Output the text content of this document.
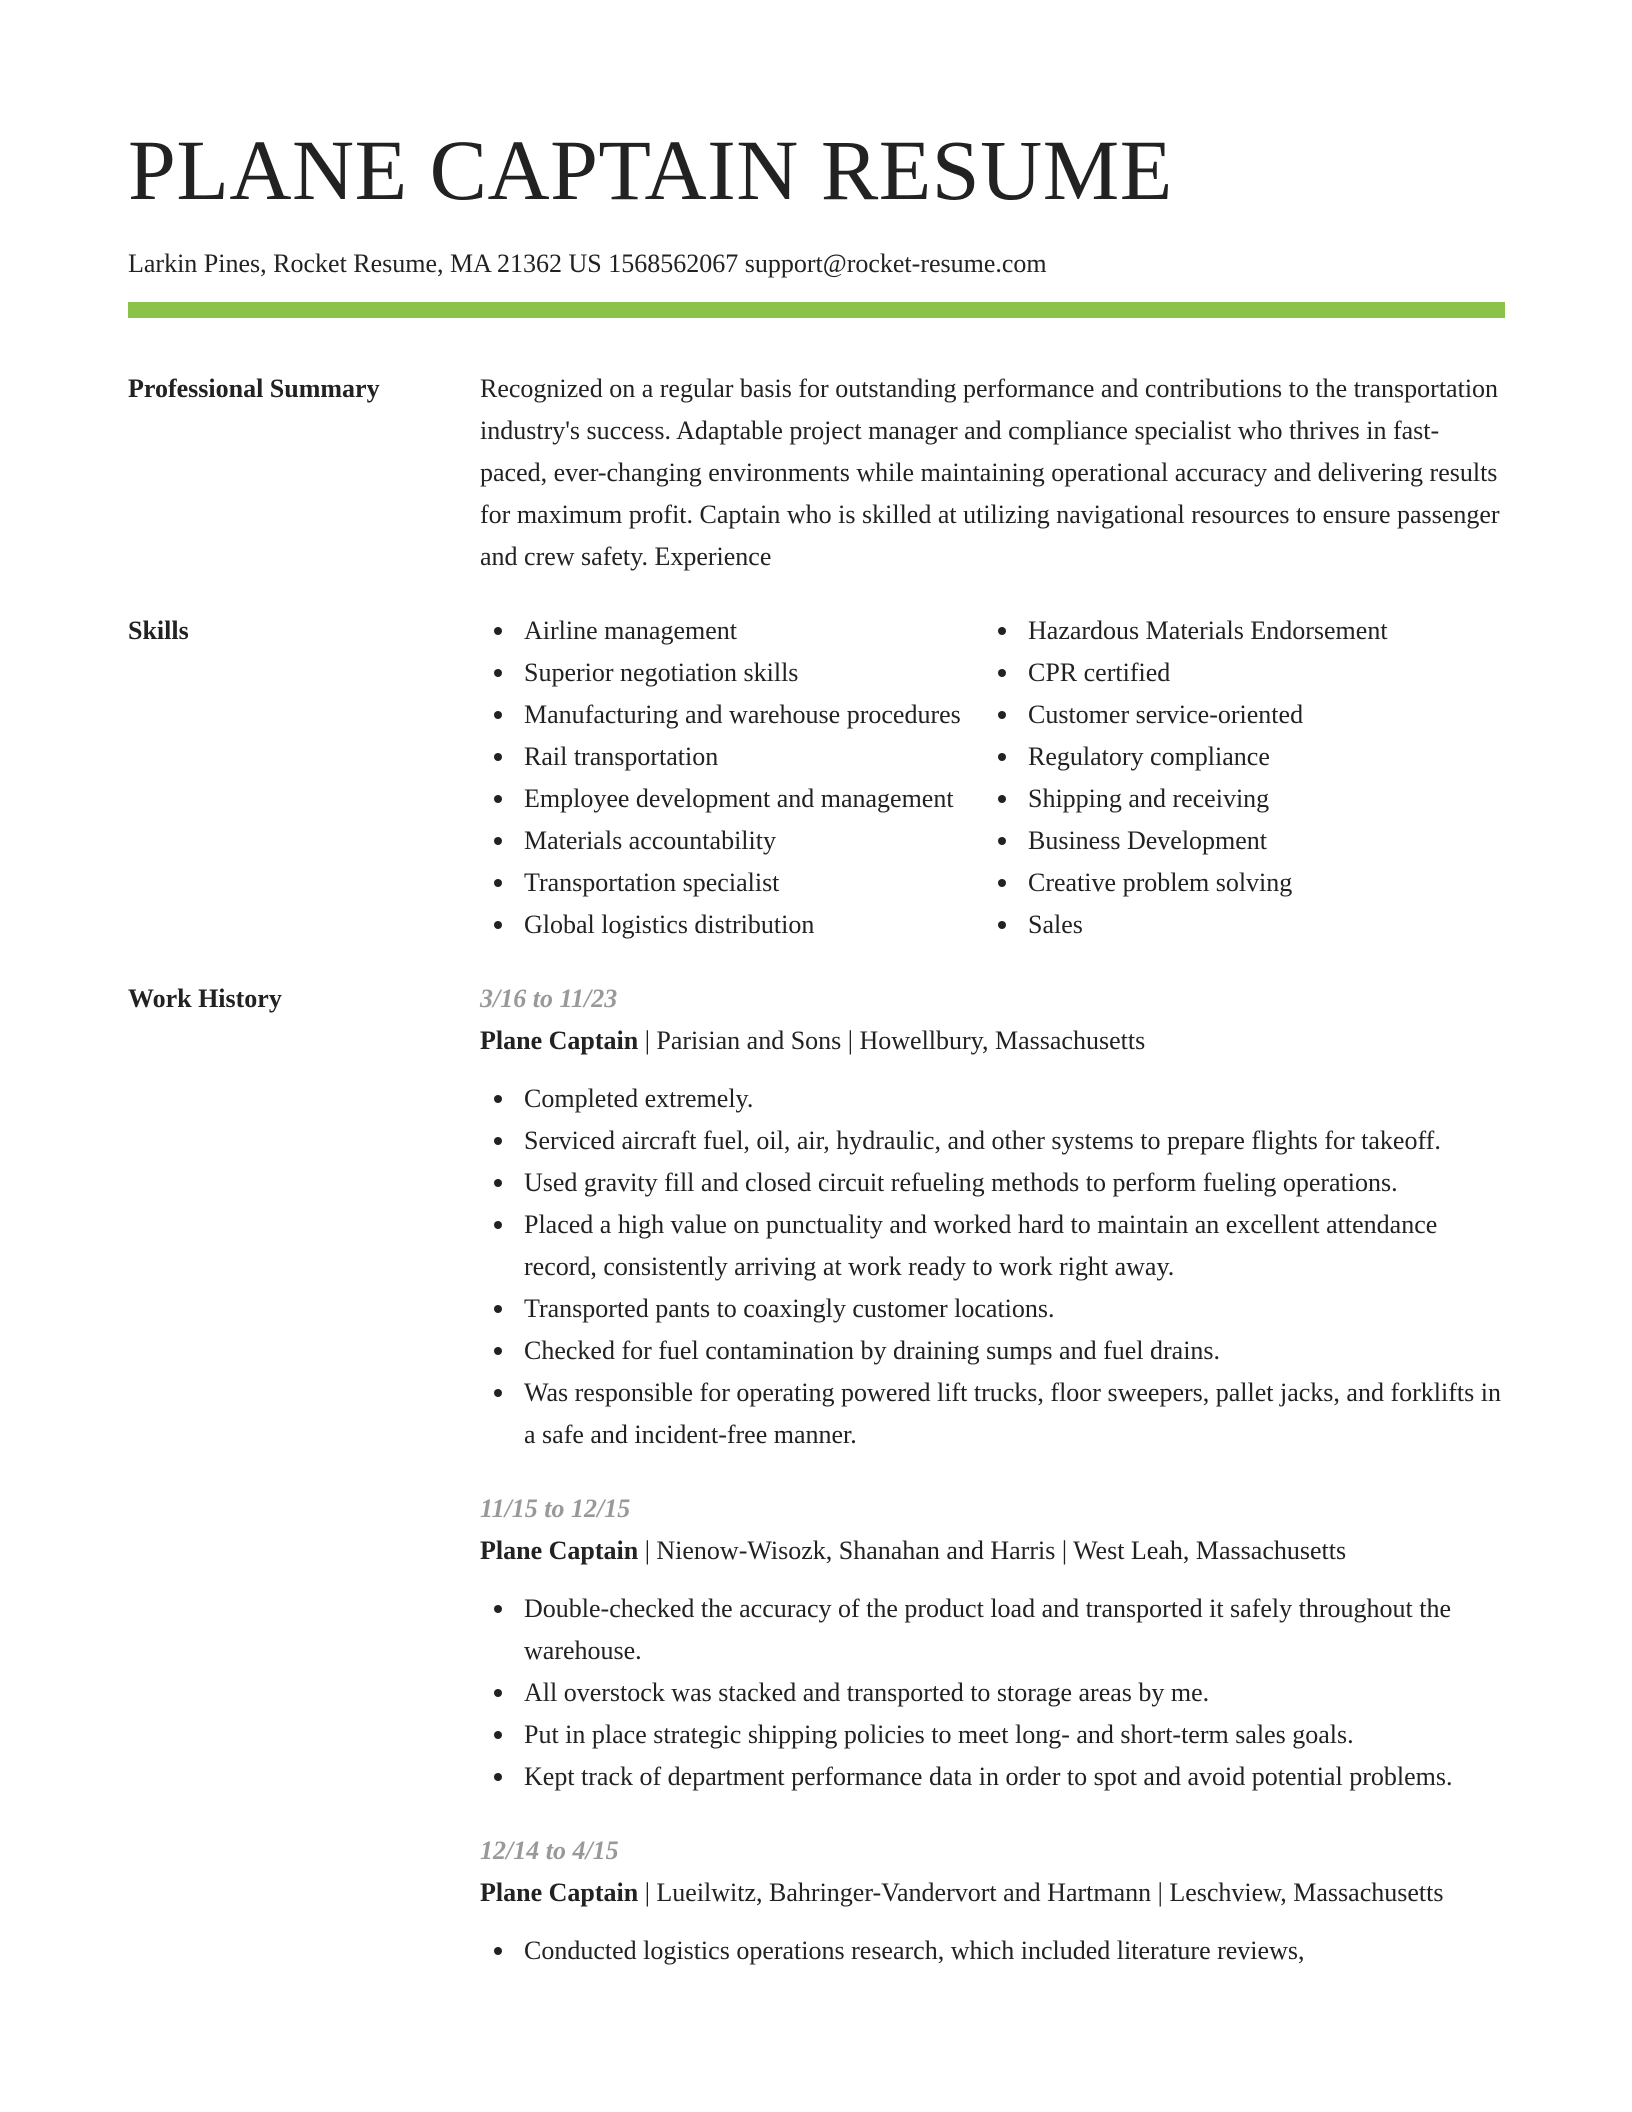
PLANE CAPTAIN RESUME
Larkin Pines, Rocket Resume, MA 21362 US 1568562067 support@rocket-resume.com
Professional Summary	Recognized on a regular basis for outstanding performance and contributions to the transportation industry's success. Adaptable project manager and compliance specialist who thrives in fast-paced, ever-changing environments while maintaining operational accuracy and delivering results for maximum profit. Captain who is skilled at utilizing navigational resources to ensure passenger and crew safety. Experience
Skills	Airline management
Superior negotiation skills
Manufacturing and warehouse procedures
Rail transportation
Employee development and management
Materials accountability
Transportation specialist
Global logistics distribution
Hazardous Materials Endorsement
CPR certified
Customer service-oriented
Regulatory compliance
Shipping and receiving
Business Development
Creative problem solving
Sales
Work History	3/16 to 11/23
Plane Captain | Parisian and Sons | Howellbury, Massachusetts
Completed extremely.
Serviced aircraft fuel, oil, air, hydraulic, and other systems to prepare flights for takeoff.
Used gravity fill and closed circuit refueling methods to perform fueling operations.
Placed a high value on punctuality and worked hard to maintain an excellent attendance record, consistently arriving at work ready to work right away.
Transported pants to coaxingly customer locations.
Checked for fuel contamination by draining sumps and fuel drains.
Was responsible for operating powered lift trucks, floor sweepers, pallet jacks, and forklifts in a safe and incident-free manner.
11/15 to 12/15
Plane Captain | Nienow-Wisozk, Shanahan and Harris | West Leah, Massachusetts
Double-checked the accuracy of the product load and transported it safely throughout the warehouse.
All overstock was stacked and transported to storage areas by me.
Put in place strategic shipping policies to meet long- and short-term sales goals.
Kept track of department performance data in order to spot and avoid potential problems.
12/14 to 4/15
Plane Captain | Lueilwitz, Bahringer-Vandervort and Hartmann | Leschview, Massachusetts
Conducted logistics operations research, which included literature reviews,
